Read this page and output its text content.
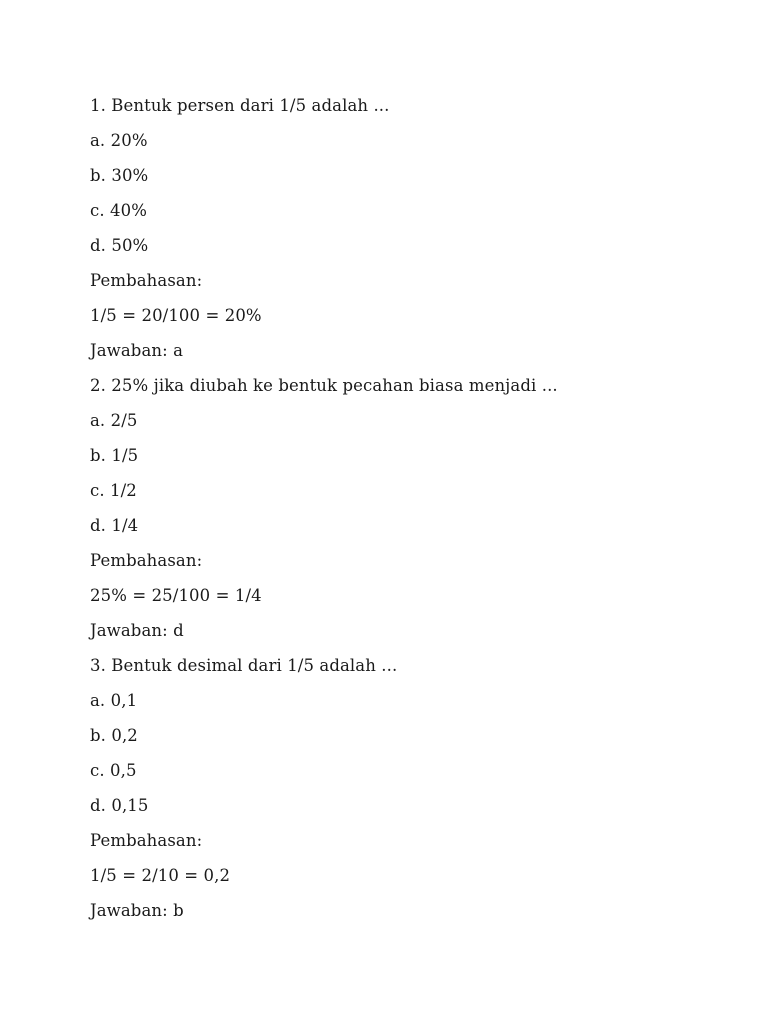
1. Bentuk persen dari 1/5 adalah ...
a. 20%
b. 30%
c. 40%
d. 50%
Pembahasan:
1/5 = 20/100 = 20%
Jawaban: a
2. 25% jika diubah ke bentuk pecahan biasa menjadi ...
a. 2/5
b. 1/5
c. 1/2
d. 1/4
Pembahasan:
25% = 25/100 = 1/4
Jawaban: d
3. Bentuk desimal dari 1/5 adalah ...
a. 0,1
b. 0,2
c. 0,5
d. 0,15
Pembahasan:
1/5 = 2/10 = 0,2
Jawaban: b
